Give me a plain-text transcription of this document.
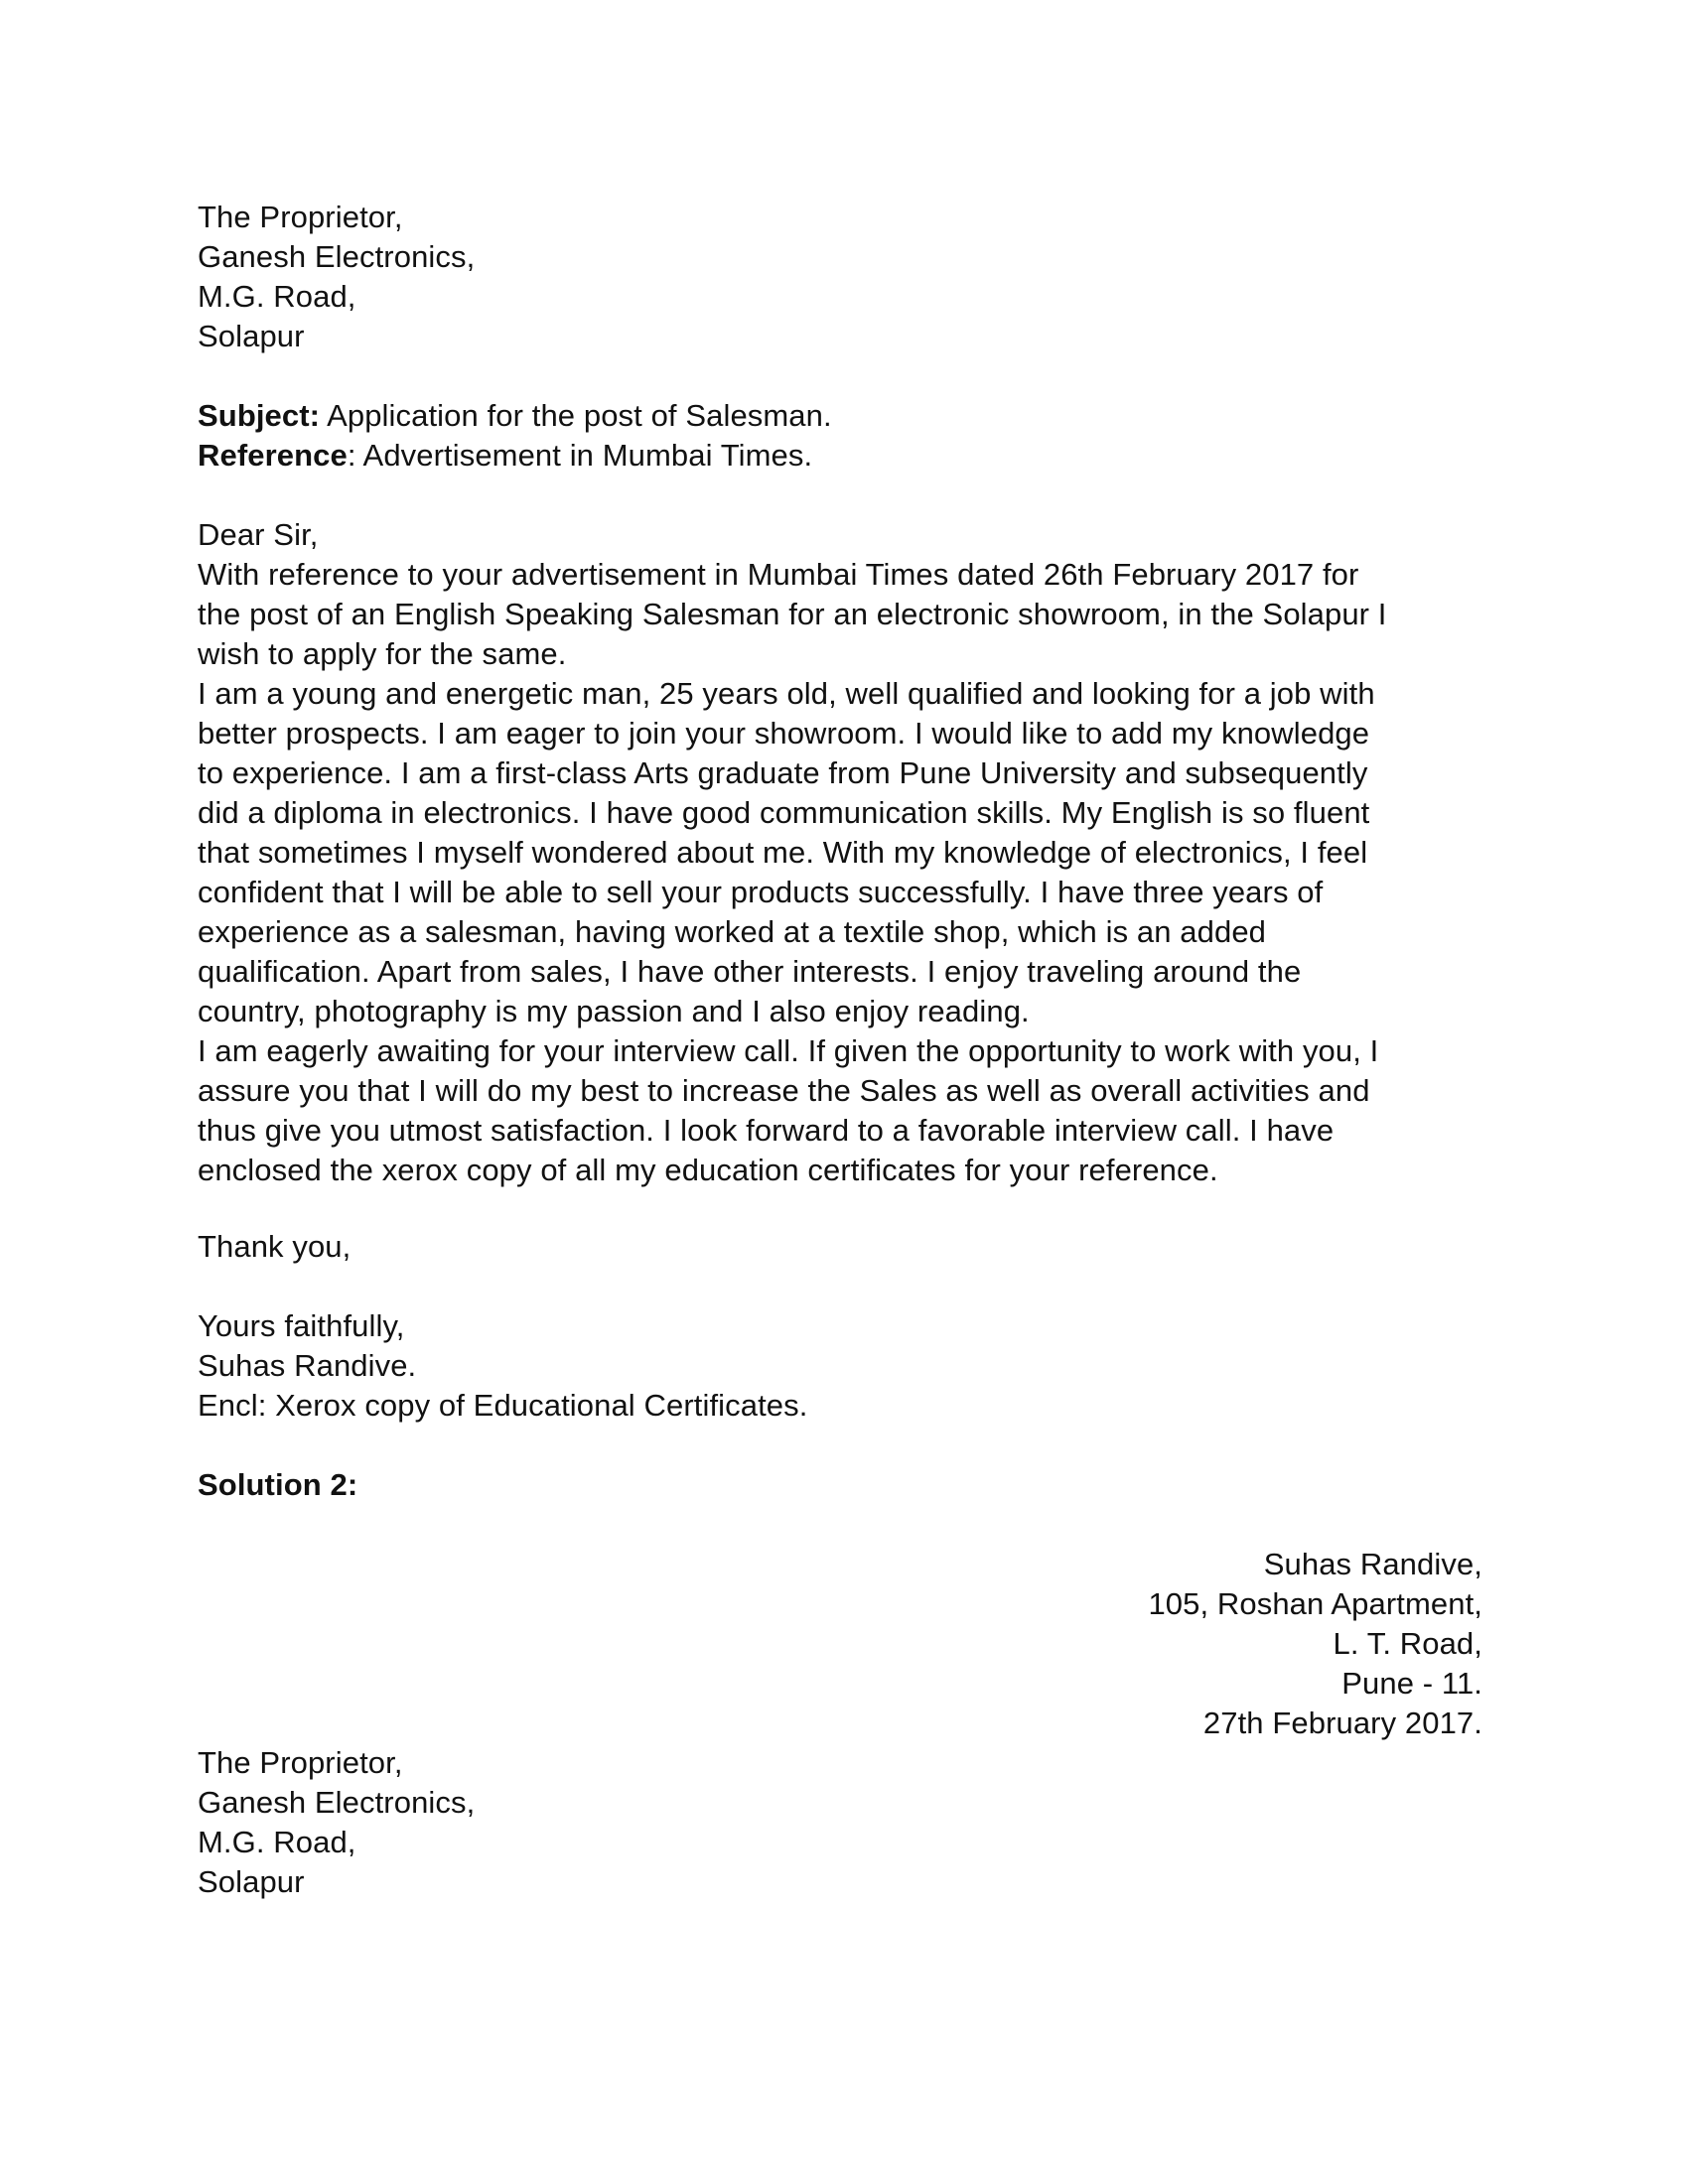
The Proprietor,
Ganesh Electronics,
M.G. Road,
Solapur
Subject: Application for the post of Salesman.
Reference: Advertisement in Mumbai Times.
Dear Sir,
With reference to your advertisement in Mumbai Times dated 26th February 2017 for
the post of an English Speaking Salesman for an electronic showroom, in the Solapur I
wish to apply for the same.
I am a young and energetic man, 25 years old, well qualified and looking for a job with
better prospects. I am eager to join your showroom. I would like to add my knowledge
to experience. I am a first-class Arts graduate from Pune University and subsequently
did a diploma in electronics. I have good communication skills. My English is so fluent
that sometimes I myself wondered about me. With my knowledge of electronics, I feel
confident that I will be able to sell your products successfully. I have three years of
experience as a salesman, having worked at a textile shop, which is an added
qualification. Apart from sales, I have other interests. I enjoy traveling around the
country, photography is my passion and I also enjoy reading.
I am eagerly awaiting for your interview call. If given the opportunity to work with you, I
assure you that I will do my best to increase the Sales as well as overall activities and
thus give you utmost satisfaction. I look forward to a favorable interview call. I have
enclosed the xerox copy of all my education certificates for your reference.
Thank you,
Yours faithfully,
Suhas Randive.
Encl: Xerox copy of Educational Certificates.
Solution 2:
Suhas Randive,
105, Roshan Apartment,
L. T. Road,
Pune - 11.
27th February 2017.
The Proprietor,
Ganesh Electronics,
M.G. Road,
Solapur
